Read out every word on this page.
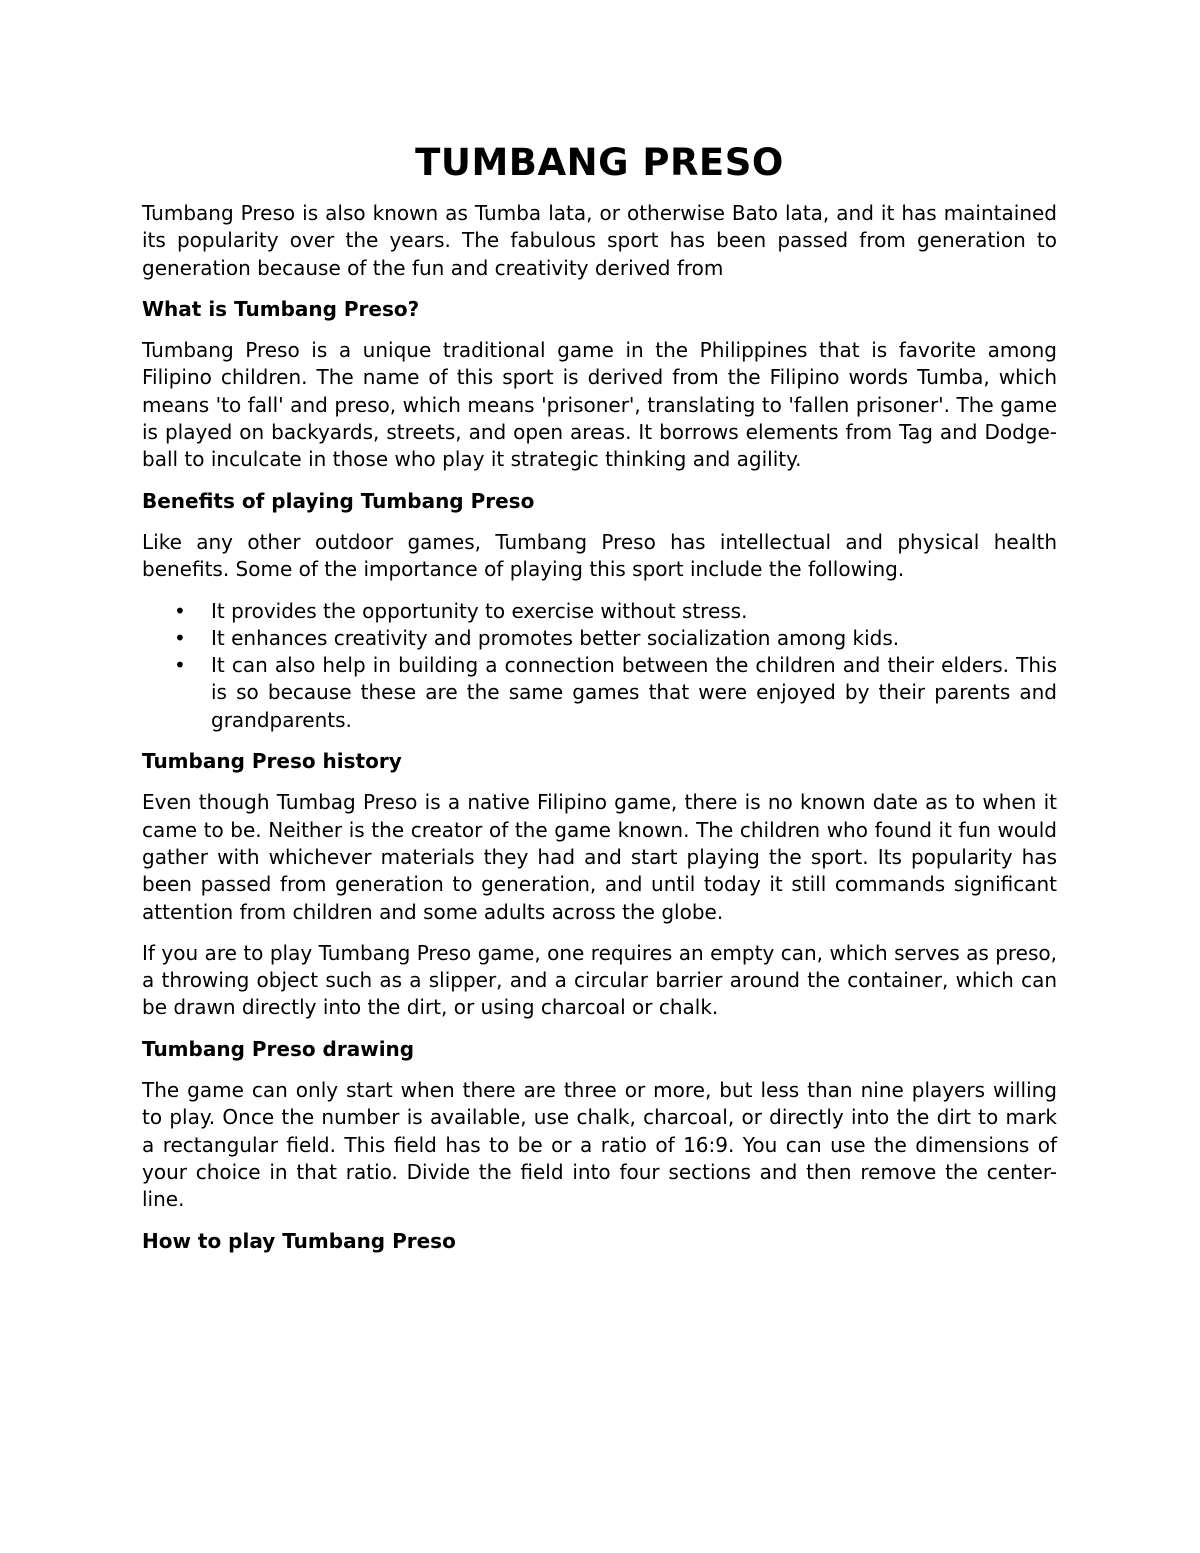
TUMBANG PRESO

Tumbang Preso is also known as Tumba lata, or otherwise Bato lata, and it has maintained its popularity over the years. The fabulous sport has been passed from generation to generation because of the fun and creativity derived from

What is Tumbang Preso?

Tumbang Preso is a unique traditional game in the Philippines that is favorite among Filipino children. The name of this sport is derived from the Filipino words Tumba, which means 'to fall' and preso, which means 'prisoner', translating to 'fallen prisoner'. The game is played on backyards, streets, and open areas. It borrows elements from Tag and Dodge-ball to inculcate in those who play it strategic thinking and agility.

Benefits of playing Tumbang Preso

Like any other outdoor games, Tumbang Preso has intellectual and physical health benefits. Some of the importance of playing this sport include the following.

• It provides the opportunity to exercise without stress.
• It enhances creativity and promotes better socialization among kids.
• It can also help in building a connection between the children and their elders. This is so because these are the same games that were enjoyed by their parents and grandparents.
Tumbang Preso history

Even though Tumbag Preso is a native Filipino game, there is no known date as to when it came to be. Neither is the creator of the game known. The children who found it fun would gather with whichever materials they had and start playing the sport. Its popularity has been passed from generation to generation, and until today it still commands significant attention from children and some adults across the globe.

If you are to play Tumbang Preso game, one requires an empty can, which serves as preso, a throwing object such as a slipper, and a circular barrier around the container, which can be drawn directly into the dirt, or using charcoal or chalk.

Tumbang Preso drawing

The game can only start when there are three or more, but less than nine players willing to play. Once the number is available, use chalk, charcoal, or directly into the dirt to mark a rectangular field. This field has to be or a ratio of 16:9. You can use the dimensions of your choice in that ratio. Divide the field into four sections and then remove the center-line.

How to play Tumbang Preso
